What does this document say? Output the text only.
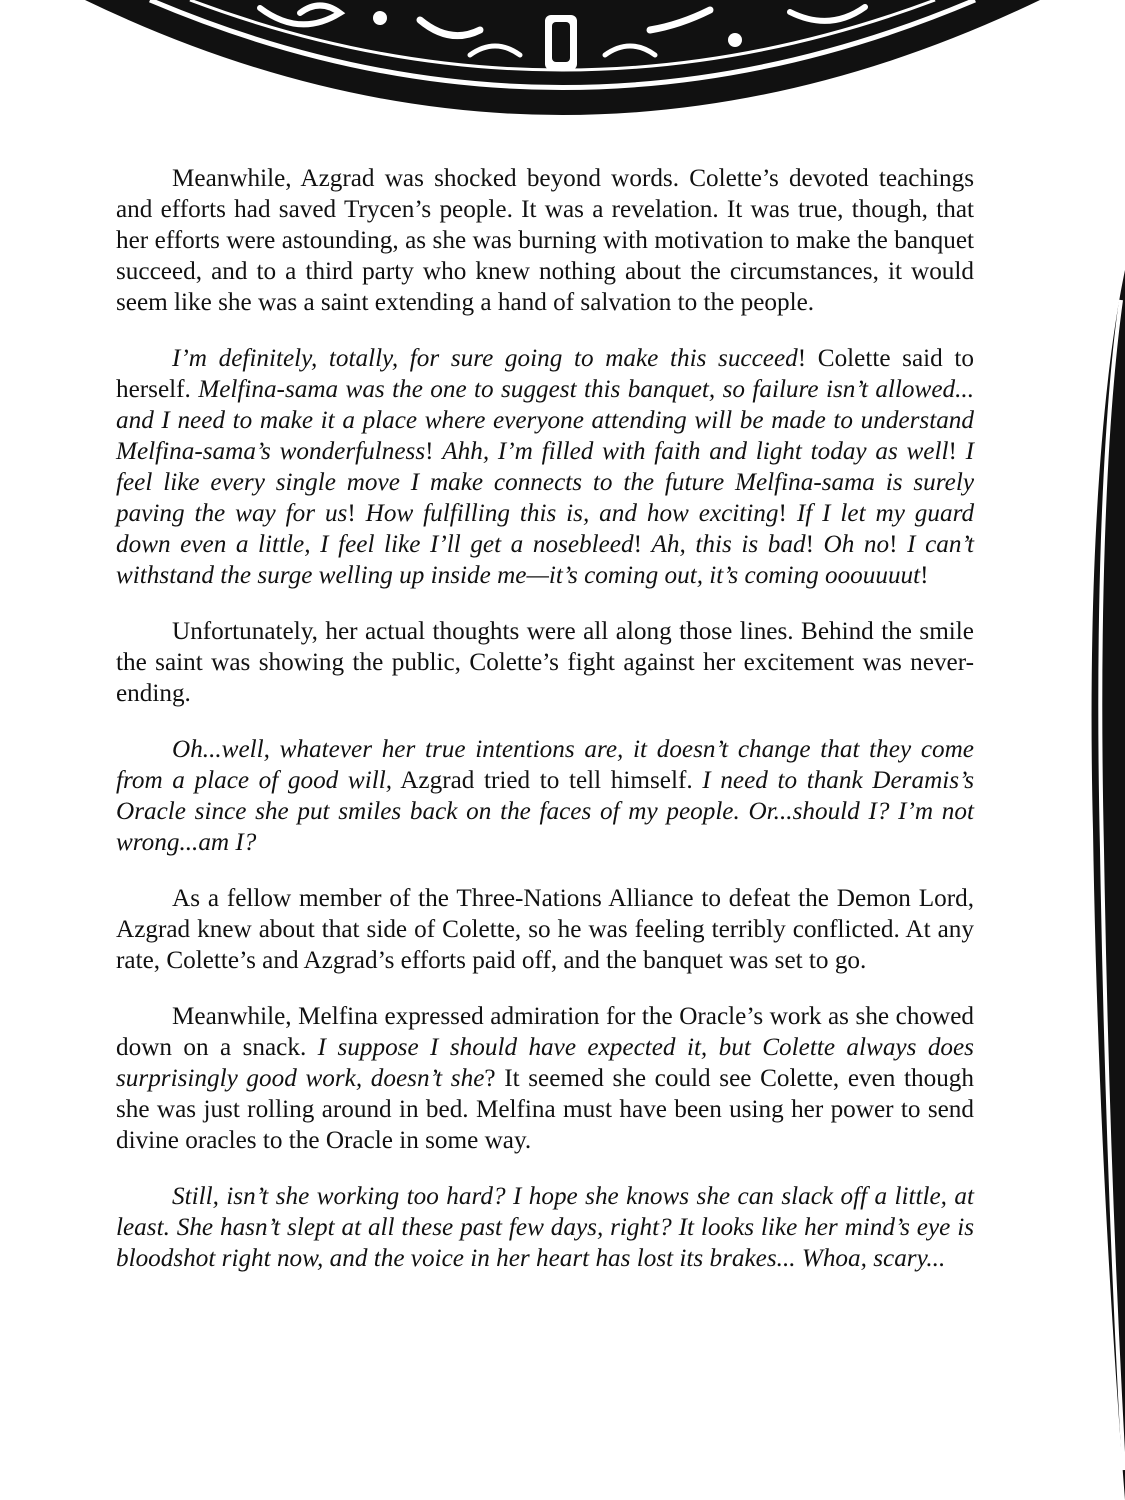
Meanwhile, Azgrad was shocked beyond words. Colette’s devoted teachings and efforts had saved Trycen’s people. It was a revelation. It was true, though, that her efforts were astounding, as she was burning with motivation to make the banquet succeed, and to a third party who knew nothing about the circumstances, it would seem like she was a saint extending a hand of salvation to the people.

I’m definitely, totally, for sure going to make this succeed! Colette said to herself. Melfina-sama was the one to suggest this banquet, so failure isn’t allowed... and I need to make it a place where everyone attending will be made to understand Melfina-sama’s wonderfulness! Ahh, I’m filled with faith and light today as well! I feel like every single move I make connects to the future Melfina-sama is surely paving the way for us! How fulfilling this is, and how exciting! If I let my guard down even a little, I feel like I’ll get a nosebleed! Ah, this is bad! Oh no! I can’t withstand the surge welling up inside me—it’s coming out, it’s coming ooouuuut!

Unfortunately, her actual thoughts were all along those lines. Behind the smile the saint was showing the public, Colette’s fight against her excitement was never-ending.

Oh...well, whatever her true intentions are, it doesn’t change that they come from a place of good will, Azgrad tried to tell himself. I need to thank Deramis’s Oracle since she put smiles back on the faces of my people. Or...should I? I’m not wrong...am I?

As a fellow member of the Three-Nations Alliance to defeat the Demon Lord, Azgrad knew about that side of Colette, so he was feeling terribly conflicted. At any rate, Colette’s and Azgrad’s efforts paid off, and the banquet was set to go.

Meanwhile, Melfina expressed admiration for the Oracle’s work as she chowed down on a snack. I suppose I should have expected it, but Colette always does surprisingly good work, doesn’t she? It seemed she could see Colette, even though she was just rolling around in bed. Melfina must have been using her power to send divine oracles to the Oracle in some way.

Still, isn’t she working too hard? I hope she knows she can slack off a little, at least. She hasn’t slept at all these past few days, right? It looks like her mind’s eye is bloodshot right now, and the voice in her heart has lost its brakes... Whoa, scary...
